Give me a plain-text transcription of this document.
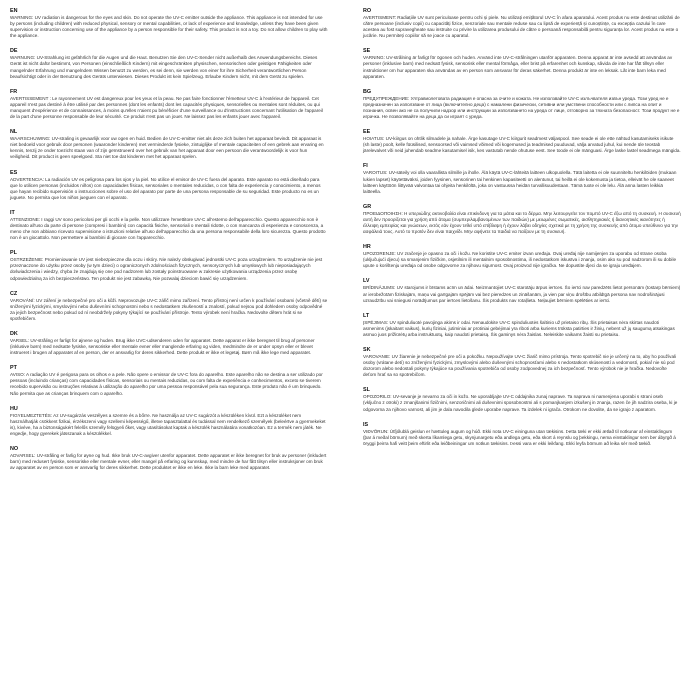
EN
WARNING: UV radiation is dangerous for the eyes and skin. Do not operate the UV-C emitter outside the appliance. This appliance is not intended for use by persons (including children) with reduced physical, sensory or mental capabilities, or lack of experience and knowledge, unless they have been given supervision or instruction concerning use of the appliance by a person responsible for their safety. This product is not a toy. Do not allow children to play with the appliance.
DE
WARNUNG: UV-Strahlung ist gefährlich für die Augen und die Haut. Benutzen Sie den UV-C-Sender nicht außerhalb des Anwendungsbereichs. Dieses Gerät ist nicht dafür bestimmt, von Personen (einschließlich Kindern) mit eingeschränkten physischen, sensorischen oder geistigen Fähigkeiten oder mangelnder Erfahrung und mangelndem Wissen benutzt zu werden, es sei denn, sie werden von einer für ihre Sicherheit verantwortlichen Person beaufsichtigt oder in der Benutzung des Geräts unterwiesen. Dieses Produkt ist kein Spielzeug. Erlaube Kindern nicht, mit dem Gerät zu spielen.
FR
AVERTISSEMENT : Le rayonnement UV est dangereux pour les yeux et la peau. Ne pas faire fonctionner l'émetteur UV-C à l'extérieur de l'appareil. Cet appareil n'est pas destiné à être utilisé par des personnes (dont les enfants) dont les capacités physiques, sensorielles ou mentales sont réduites, ou qui manquent d'expérience et de connaissances, à moins qu'elles n'aient pu bénéficier d'une surveillance ou d'instructions concernant l'utilisation de l'appareil de la part d'une personne responsable de leur sécurité. Ce produit n'est pas un jouet. Ne laissez pas les enfants jouer avec l'appareil.
NL
WAARSCHUWING: UV-straling is gevaarlijk voor uw ogen en huid. Bedien de UV-C-emitter niet als deze zich buiten het apparaat bevindt. Dit apparaat is niet bedoeld voor gebruik door personen (waaronder kinderen) met verminderde fysieke, zintuiglijke of mentale capaciteiten of een gebrek aan ervaring en kennis, tenzij ze onder toezicht staan van of zijn geïnstrueerd over het gebruik van het apparaat door een persoon die verantwoordelijk is voor hun veiligheid. Dit product is geen speelgoed. Sta niet toe dat kinderen met het apparaat spelen.
ES
ADVERTENCIA: La radiación UV es peligrosa para los ojos y la piel. No utilice el emisor de UV-C fuera del aparato. Este aparato no está diseñado para que lo utilicen personas (incluidos niños) con capacidades físicas, sensoriales o mentales reducidas, o con falta de experiencia y conocimiento, a menos que hayan recibido supervisión o instrucciones sobre el uso del aparato por parte de una persona responsable de su seguridad. Este producto no es un juguete. No permita que los niños jueguen con el aparato.
IT
ATTENZIONE: I raggi UV sono pericolosi per gli occhi e la pelle. Non utilizzare l'emettitore UV-C all'esterno dell'apparecchio. Questo apparecchio non è destinato all'uso da parte di persone (compresi i bambini) con capacità fisiche, sensoriali o mentali ridotte, o con mancanza di esperienza e conoscenza, a meno che non abbiano ricevuto supervisione o istruzioni relative all'uso dell'apparecchio da una persona responsabile della loro sicurezza. Questo prodotto non è un giocattolo. Non permettere ai bambini di giocare con l'apparecchio.
PL
OSTRZEŻENIE: Promieniowanie UV jest niebezpieczne dla oczu i skóry. Nie należy obsługiwać jednostki UV-C poza urządzeniem. To urządzenie nie jest przeznaczone do użytku przez osoby (w tym dzieci) o ograniczonych zdolnościach fizycznych, sensorycznych lub umysłowych lub nieposiadających doświadczenia i wiedzy, chyba że znajdują się one pod nadzorem lub zostały poinstruowane w zakresie użytkowania urządzenia przez osobę odpowiedzialną za ich bezpieczeństwo. Ten produkt nie jest zabawką. Nie pozwalaj dzieciom bawić się urządzeniem.
CZ
VAROVÁNÍ: UV záření je nebezpečné pro oči a kůži. Neprovozujte UV-C zářič mimo zařízení. Tento přístroj není určen k používání osobami (včetně dětí) se sníženými fyzickými, smyslovými nebo duševními schopnostmi nebo s nedostatkem zkušeností a znalostí, pokud nejsou pod dohledem osoby odpovědné za jejich bezpečnost nebo pokud od ní neobdržely pokyny týkající se používání přístroje. Tento výrobek není hračka. Nedovolte dětem hrát si se spotřebičem.
DK
VARSEL: UV-stråling er farligt for øjnene og huden. Brug ikke UVC-udsenderen uden for apparatet. Dette apparat er ikke beregnet til brug af personer (inklusive børn) med nedsatte fysiske, sensoriske eller mentale evner eller manglende erfaring og viden, medmindre de er under opsyn eller er blevet instrueret i brugen af apparatet af en person, der er ansvarlig for deres sikkerhed. Dette produkt er ikke et legetøj. Børn må ikke lege med apparatet.
PT
AVISO: A radiação UV é perigosa para os olhos e a pele. Não opere o emissor de UV-C fora do aparelho. Este aparelho não se destina a ser utilizado por pessoas (incluindo crianças) com capacidades físicas, sensoriais ou mentais reduzidas, ou com falta de experiência e conhecimentos, exceto se tiverem recebido supervisão ou instruções relativas à utilização do aparelho por uma pessoa responsável pela sua segurança. Este produto não é um brinquedo. Não permita que as crianças brinquem com o aparelho.
HU
FIGYELMEZTETÉS: Az UV-sugárzás veszélyes a szemre és a bőrre. Ne használja az UV-C sugárzót a készüléken kívül. Ezt a készüléket nem használhatják csökkent fizikai, érzékszervi vagy szellemi képességű, illetve tapasztalattal és tudással nem rendelkező személyek (beleértve a gyermekeket is), kivéve, ha a biztonságukért felelős személy felügyeli őket, vagy utasításokat kaptak a készülék használatára vonatkozóan. Ez a termék nem játék. Ne engedje, hogy gyerekek játsszanak a készülékkel.
NO
ADVARSEL: UV-stråling er farlig for øyne og hud. Ikke bruk UV-C-avgiver utenfor apparatet. Dette apparatet er ikke beregnet for bruk av personer (inkludert barn) med redusert fysiske, sensoriske eller mentale evner, eller mangel på erfaring og kunnskap, med mindre de har fått tilsyn eller instruksjoner om bruk av apparatet av en person som er ansvarlig for deres sikkerhet. Dette produktet er ikke en leke. Ikke la barn leke med apparatet.
RO
AVERTISMENT: Radiațiile UV sunt periculoase pentru ochi și piele. Nu utilizați emițătorul UV-C în afara aparatului. Acest produs nu este destinat utilizării de către persoane (inclusiv copii) cu capacități fizice, senzoriale sau mentale reduse sau cu lipsă de experiență și cunoștințe, cu excepția cazului în care acestea au fost supravegheate sau instruite cu privire la utilizarea produsului de către o persoană responsabilă pentru siguranța lor. Acest produs nu este o jucărie. Nu permiteți copiilor să se joace cu aparatul.
SE
VARNING: UV-strålning är farligt för ögonen och huden. Använd inte UV-C-strålningen utanför apparaten. Denna apparat är inte avsedd att användas av personer (inklusive barn) med nedsatt fysisk, sensorisk eller mental förmåga, eller brist på erfarenhet och kunskap, såvida de inte har fått tillsyn eller instruktioner om hur apparaten ska användas av en person som ansvarar för deras säkerhet. Denna produkt är inte en leksak. Låt inte barn leka med apparaten.
BG
ПРЕДУПРЕЖДЕНИЕ: Ултравиолетовата радиация е опасна за очите и кожата. Не използвайте UV-C излъчвателя извън уреда. Този уред не е предназначен за използване от лица (включително деца) с намалени физически, сетивни или умствени способности или с липса на опит и познания, освен ако не са получили надзор или инструкции за използването на уреда от лице, отговорно за тяхната безопасност. Този продукт не е играчка. Не позволявайте на деца да си играят с уреда.
EE
HOIATUS: UV-kiirgus on ohtlik silmadele ja nahale. Ärge kasutage UV-C kiirgurit seadmest väljaspool. See seade ei ole ette nähtud kasutamiseks isikute (sh laste) poolt, kelle füüsilised, sensoorsed või vaimsed võimed või kogemused ja teadmised puuduvad, välja arvatud juhul, kui nende üle teostab järelevalvet või neid juhendab seadme kasutamisel isik, kes vastutab nende ohutuse eest. See toode ei ole mänguasi. Ärge laske lastel seadmega mängida.
FI
VAROITUS: UV-säteily voi olla vaarallista silmille ja iholle. Älä käytä UV-C-lähteitä laitteen ulkopuolella. Tätä laitetta ei ole suunniteltu henkilöiden (mukaan lukien lapset) käytettäväksi, joiden fyysinen, sensorinen tai henkinen kapasiteetti on alentunut, tai heillä ei ole kokemusta ja tietoa, elleivät he ole saaneet laitteen käyttöön liittyvää valvontaa tai ohjeita henkilöltä, joka on vastuussa heidän turvallisuudestaan. Tämä tuote ei ole lelu. Älä anna lasten leikkiä laitteella.
GR
ΠΡΟΕΙΔΟΠΟΙΗΣΗ: Η υπεριώδης ακτινοβολία είναι επικίνδυνη για τα μάτια και το δέρμα. Μην λειτουργείτε τον πομπό UV-C έξω από τη συσκευή. Η συσκευή αυτή δεν προορίζεται για χρήση από άτομα (συμπεριλαμβανομένων των παιδιών) με μειωμένες σωματικές, αισθητηριακές ή διανοητικές ικανότητες ή έλλειψη εμπειρίας και γνώσεων, εκτός εάν έχουν τεθεί υπό επίβλεψη ή έχουν λάβει οδηγίες σχετικά με τη χρήση της συσκευής από άτομο υπεύθυνο για την ασφάλειά τους. Αυτό το προϊόν δεν είναι παιχνίδι. Μην αφήνετε τα παιδιά να παίζουν με τη συσκευή.
HR
UPOZORENJE: UV zračenje je opasno za oči i kožu. Ne koristite UV-C emiter izvan uređaja. Ovaj uređaj nije namijenjen za uporabu od strane osoba (uključujući djecu) sa smanjenim fizičkim, osjetilnim ili mentalnim sposobnostima, ili nedostatkom iskustva i znanja, osim ako su pod nadzorom ili su dobile upute o korištenju uređaja od osobe odgovorne za njihovu sigurnost. Ovaj proizvod nije igračka. Ne dopustite djeci da se igraju uređajem.
LV
BRĪDINĀJUMS: UV starojums ir bīstams acīm un ādai. Neizmantojiet UV-C starotāju ārpus ierīces. Šo ierīci nav paredzēts lietot personām (tostarp bērniem) ar ierobežotām fiziskajām, maņu vai garīgajām spējām vai bez pieredzes un zināšanām, ja vien par viņu drošību atbildīgā persona nav nodrošinājusi uzraudzību vai sniegusi norādījumus par ierīces lietošanu. Šis produkts nav rotaļlieta. Neļaujiet bērniem spēlēties ar ierīci.
LT
ĮSPĖJIMAS: UV spinduliuotė pavojinga akims ir odai. Nenaudokite UV-C spinduliuotės šaltinio už prietaiso ribų. Šis prietaisas nėra skirtas naudoti asmenims (įskaitant vaikus), kurių fiziniai, jutiminiai ar protiniai gebėjimai yra riboti arba kuriems trūksta patirties ir žinių, nebent už jų saugumą atsakingas asmuo juos prižiūrėtų arba instruktuotų, kaip naudoti prietaisą. Šis gaminys nėra žaislas. Neleiskite vaikams žaisti su prietaisu.
SK
VAROVANIE: UV žiarenie je nebezpečné pre oči a pokožku. Nepoužívajte UV-C žiarič mimo prístroja. Tento spotrebič nie je určený na to, aby ho používali osoby (vrátane detí) so zníženými fyzickými, zmyslovými alebo duševnými schopnosťami alebo s nedostatkom skúseností a vedomostí, pokiaľ nie sú pod dozorom alebo nedostali pokyny týkajúce sa používania spotrebiča od osoby zodpovednej za ich bezpečnosť. Tento výrobok nie je hračka. Nedovoľte deťom hrať sa so spotrebičom.
SL
OPOZORILO: UV-sevanje je nevarno za oči in kožo. Ne uporabljajte UV-C oddajnika zunaj naprave. Ta naprava ni namenjena uporabi s strani oseb (vključno z otroki) z zmanjšanimi fizičnimi, senzoričnimi ali duševnimi sposobnostmi ali s pomanjkanjem izkušenj in znanja, razen če jih nadzira oseba, ki je odgovorna za njihovo varnost, ali jim je dala navodila glede uporabe naprave. Ta izdelek ni igrača. Otrokom ne dovolite, da se igrajo z aparatom.
IS
VIÐVÖRUN: Útfjólublá geislun er hættuleg augum og húð. Ekki nota UV-C eininguna utan tækisins. Þetta tæki er ekki ætlað til notkunar af einstaklingum (þar á meðal börnum) með skerta líkamlega getu, skynjunargetu eða andlega getu, eða skort á reynslu og þekkingu, nema einstaklingur sem ber ábyrgð á öryggi þeirra hafi veitt þeim eftirlit eða leiðbeiningar um notkun tækisins. Þessi vara er ekki leikfang. Ekki leyfa börnum að leika sér með tækið.
